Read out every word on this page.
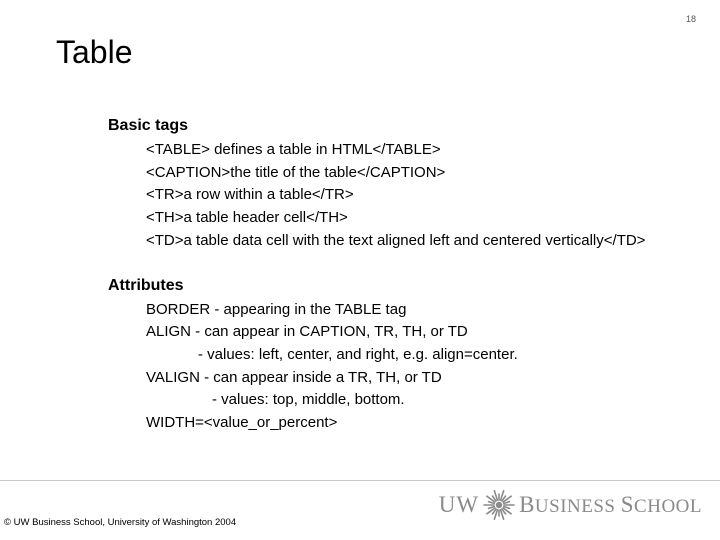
18
Table
Basic tags
<TABLE> defines a table in HTML</TABLE>
<CAPTION>the title of the table</CAPTION>
<TR>a row within a table</TR>
<TH>a table header cell</TH>
<TD>a table data cell with the text aligned left and centered vertically</TD>
Attributes
BORDER - appearing in the TABLE tag
ALIGN - can appear in CAPTION, TR, TH, or TD
- values: left, center, and right, e.g. align=center.
VALIGN - can appear inside a TR, TH, or TD
- values: top, middle, bottom.
WIDTH=<value_or_percent>
© UW Business School, University of Washington 2004
UW BUSINESS SCHOOL
